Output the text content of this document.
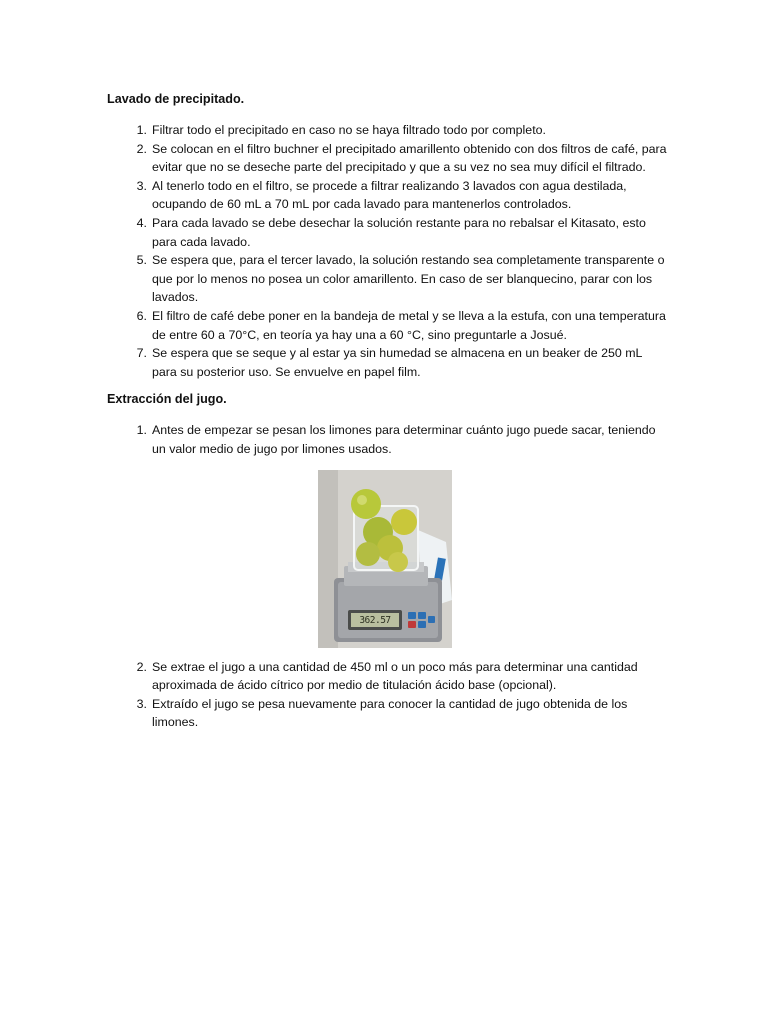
Lavado de precipitado.
1. Filtrar todo el precipitado en caso no se haya filtrado todo por completo.
2. Se colocan en el filtro buchner el precipitado amarillento obtenido con dos filtros de café, para evitar que no se deseche parte del precipitado y que a su vez no sea muy difícil el filtrado.
3. Al tenerlo todo en el filtro, se procede a filtrar realizando 3 lavados con agua destilada, ocupando de 60 mL a 70 mL por cada lavado para mantenerlos controlados.
4. Para cada lavado se debe desechar la solución restante para no rebalsar el Kitasato, esto para cada lavado.
5. Se espera que, para el tercer lavado, la solución restando sea completamente transparente o que por lo menos no posea un color amarillento. En caso de ser blanquecino, parar con los lavados.
6. El filtro de café debe poner en la bandeja de metal y se lleva a la estufa, con una temperatura de entre 60 a 70°C, en teoría ya hay una a 60 °C, sino preguntarle a Josué.
7. Se espera que se seque y al estar ya sin humedad se almacena en un beaker de 250 mL para su posterior uso. Se envuelve en papel film.
Extracción del jugo.
1. Antes de empezar se pesan los limones para determinar cuánto jugo puede sacar, teniendo un valor medio de jugo por limones usados.
362.57
2. Se extrae el jugo a una cantidad de 450 ml o un poco más para determinar una cantidad aproximada de ácido cítrico por medio de titulación ácido base (opcional).
3. Extraído el jugo se pesa nuevamente para conocer la cantidad de jugo obtenida de los limones.
